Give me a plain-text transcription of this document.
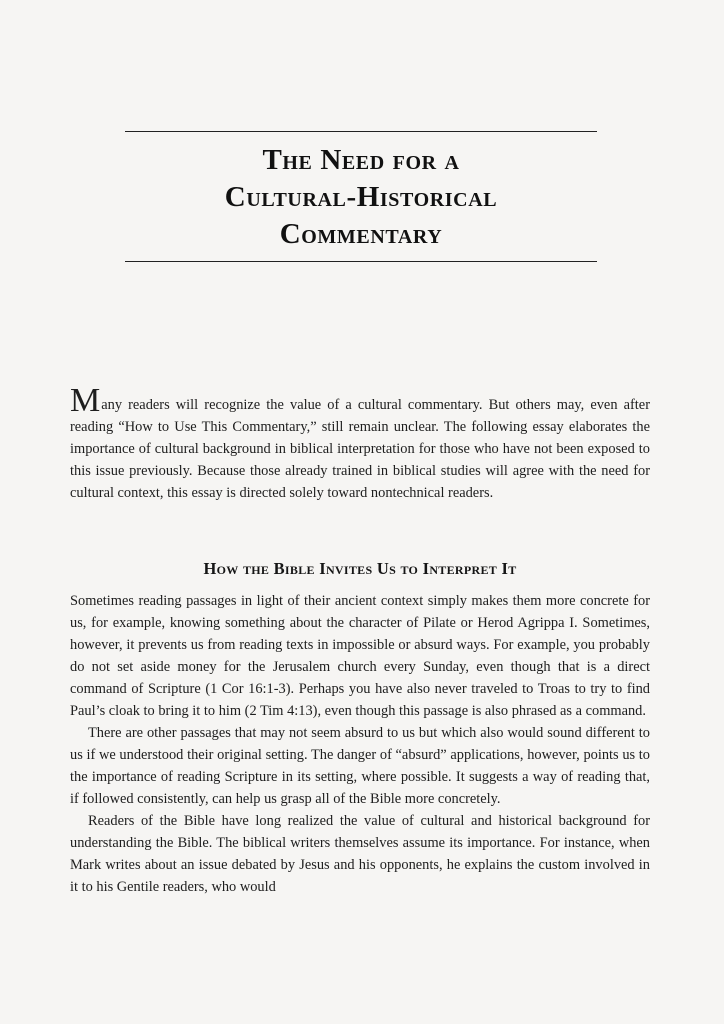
The Need for a
Cultural-Historical
Commentary

Many readers will recognize the value of a cultural commentary. But others may, even after reading “How to Use This Commentary,” still remain unclear. The following essay elaborates the importance of cultural background in biblical interpretation for those who have not been exposed to this issue previously. Because those already trained in biblical studies will agree with the need for cultural context, this essay is directed solely toward nontechnical readers.

How the Bible Invites Us to Interpret It

Sometimes reading passages in light of their ancient context simply makes them more concrete for us, for example, knowing something about the character of Pilate or Herod Agrippa I. Sometimes, however, it prevents us from reading texts in impossible or absurd ways. For example, you probably do not set aside money for the Jerusalem church every Sunday, even though that is a direct command of Scripture (1 Cor 16:1-3). Perhaps you have also never traveled to Troas to try to find Paul’s cloak to bring it to him (2 Tim 4:13), even though this passage is also phrased as a command.

There are other passages that may not seem absurd to us but which also would sound different to us if we understood their original setting. The danger of “absurd” applications, however, points us to the importance of reading Scripture in its setting, where possible. It suggests a way of reading that, if followed consistently, can help us grasp all of the Bible more concretely.

Readers of the Bible have long realized the value of cultural and historical background for understanding the Bible. The biblical writers themselves assume its importance. For instance, when Mark writes about an issue debated by Jesus and his opponents, he explains the custom involved in it to his Gentile readers, who would
